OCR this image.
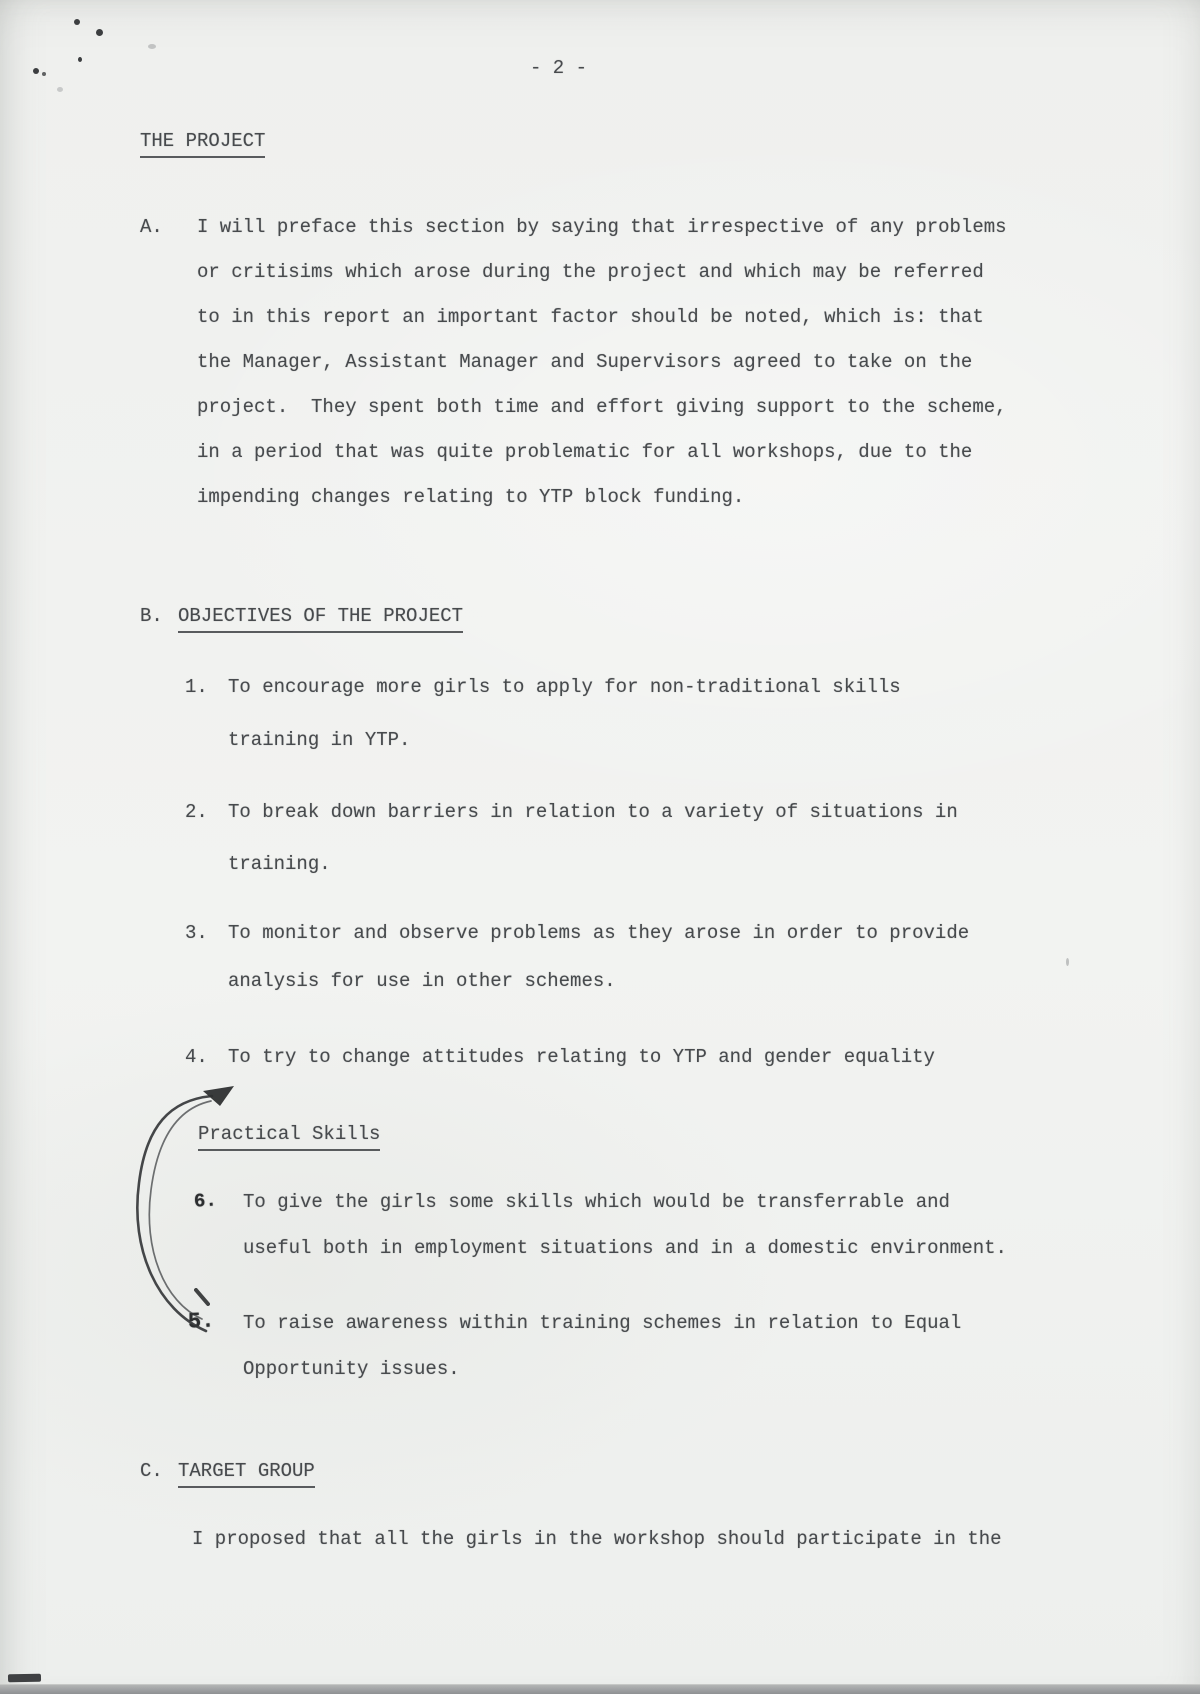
- 2 -
THE PROJECT
A. I will preface this section by saying that irrespective of any problems
or critisims which arose during the project and which may be referred
to in this report an important factor should be noted, which is: that
the Manager, Assistant Manager and Supervisors agreed to take on the
project.  They spent both time and effort giving support to the scheme,
in a period that was quite problematic for all workshops, due to the
impending changes relating to YTP block funding.
B. OBJECTIVES OF THE PROJECT
1. To encourage more girls to apply for non-traditional skills
training in YTP.
2. To break down barriers in relation to a variety of situations in
training.
3. To monitor and observe problems as they arose in order to provide
analysis for use in other schemes.
4. To try to change attitudes relating to YTP and gender equality
Practical Skills
6. To give the girls some skills which would be transferrable and
useful both in employment situations and in a domestic environment.
5. To raise awareness within training schemes in relation to Equal
Opportunity issues.
C. TARGET GROUP
I proposed that all the girls in the workshop should participate in the
